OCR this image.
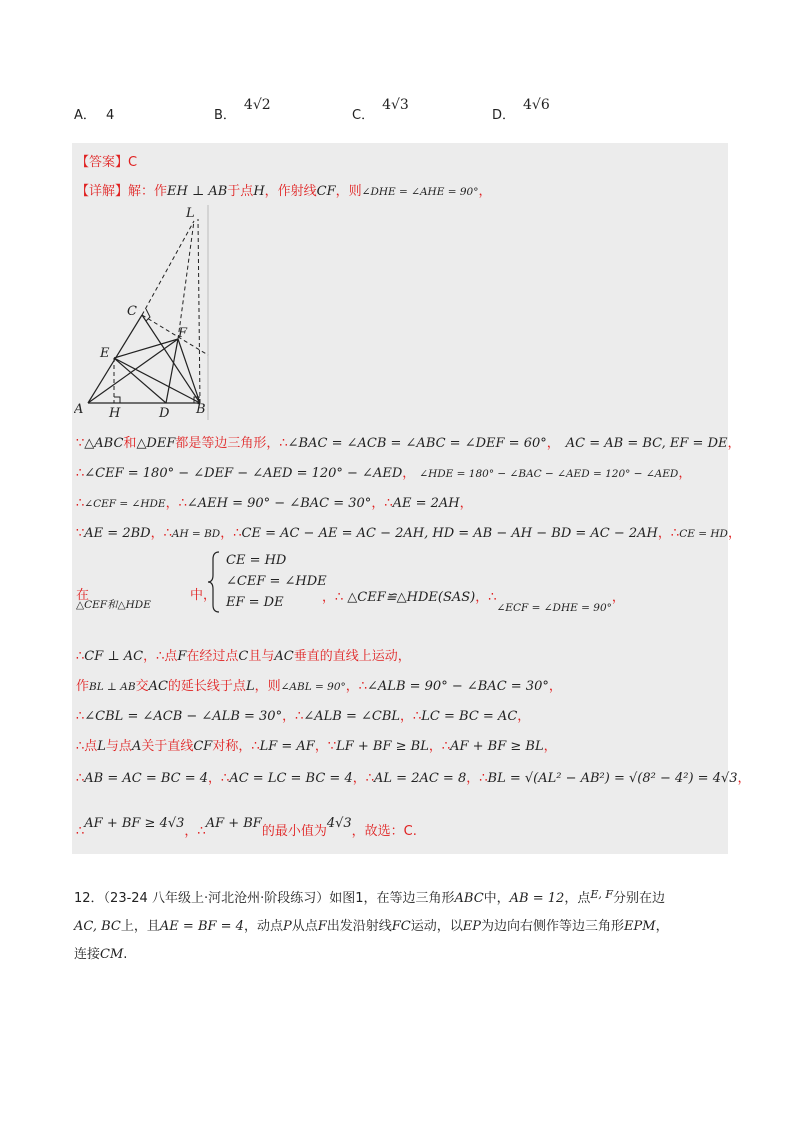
A． 4	B．4√2
C．4√3
D．4√6
【答案】C
【详解】解：作EH ⊥ AB于点H，作射线CF，则∠DHE = ∠AHE = 90°，
L
C
F
E
A H	D B
∵△ABC和△DEF都是等边三角形，∴∠BAC = ∠ACB = ∠ABC = ∠DEF = 60°， AC = AB = BC, EF = DE，
∴∠CEF = 180° − ∠DEF − ∠AED = 120° − ∠AED， ∠HDE = 180° − ∠BAC − ∠AED = 120° − ∠AED，
∴∠CEF = ∠HDE，∴∠AEH = 90° − ∠BAC = 30°，∴AE = 2AH，
∵AE = 2BD，∴AH = BD，∴CE = AC − AE = AC − 2AH, HD = AB − AH − BD = AC − 2AH，∴CE = HD，
在
△CEF和△HDE
中，
CE = HD
∠CEF = ∠HDE
EF = DE	，∴ △CEF≌△HDE(SAS)，$\therefore_{\angle ECF = \angle DHE = 90^\circ}$，
∴CF ⊥ AC，∴点F在经过点C且与AC垂直的直线上运动，
作BL ⊥ AB交AC的延长线于点L，则∠ABL = 90°，∴∠ALB = 90° − ∠BAC = 30°，
∴∠CBL = ∠ACB − ∠ALB = 30°，∴∠ALB = ∠CBL，∴LC = BC = AC，
∴点L与点A关于直线CF对称，∴LF = AF，∵LF + BF ≥ BL，∴AF + BF ≥ BL，
∴AB = AC = BC = 4，∴AC = LC = BC = 4，∴AL = 2AC = 8，∴BL = √(AL² − AB²) = √(8² − 4²) = 4√3，
∴AF + BF ≥ 4√3，∴AF + BF的最小值为4√3，故选：C.
12．（23-24 八年级上·河北沧州·阶段练习）如图1，在等边三角形ABC中，AB = 12，点$^{E, F}$分别在边
AC, BC上，且AE = BF = 4，动点P从点F出发沿射线FC运动，以EP为边向右侧作等边三角形EPM，
连接CM.
